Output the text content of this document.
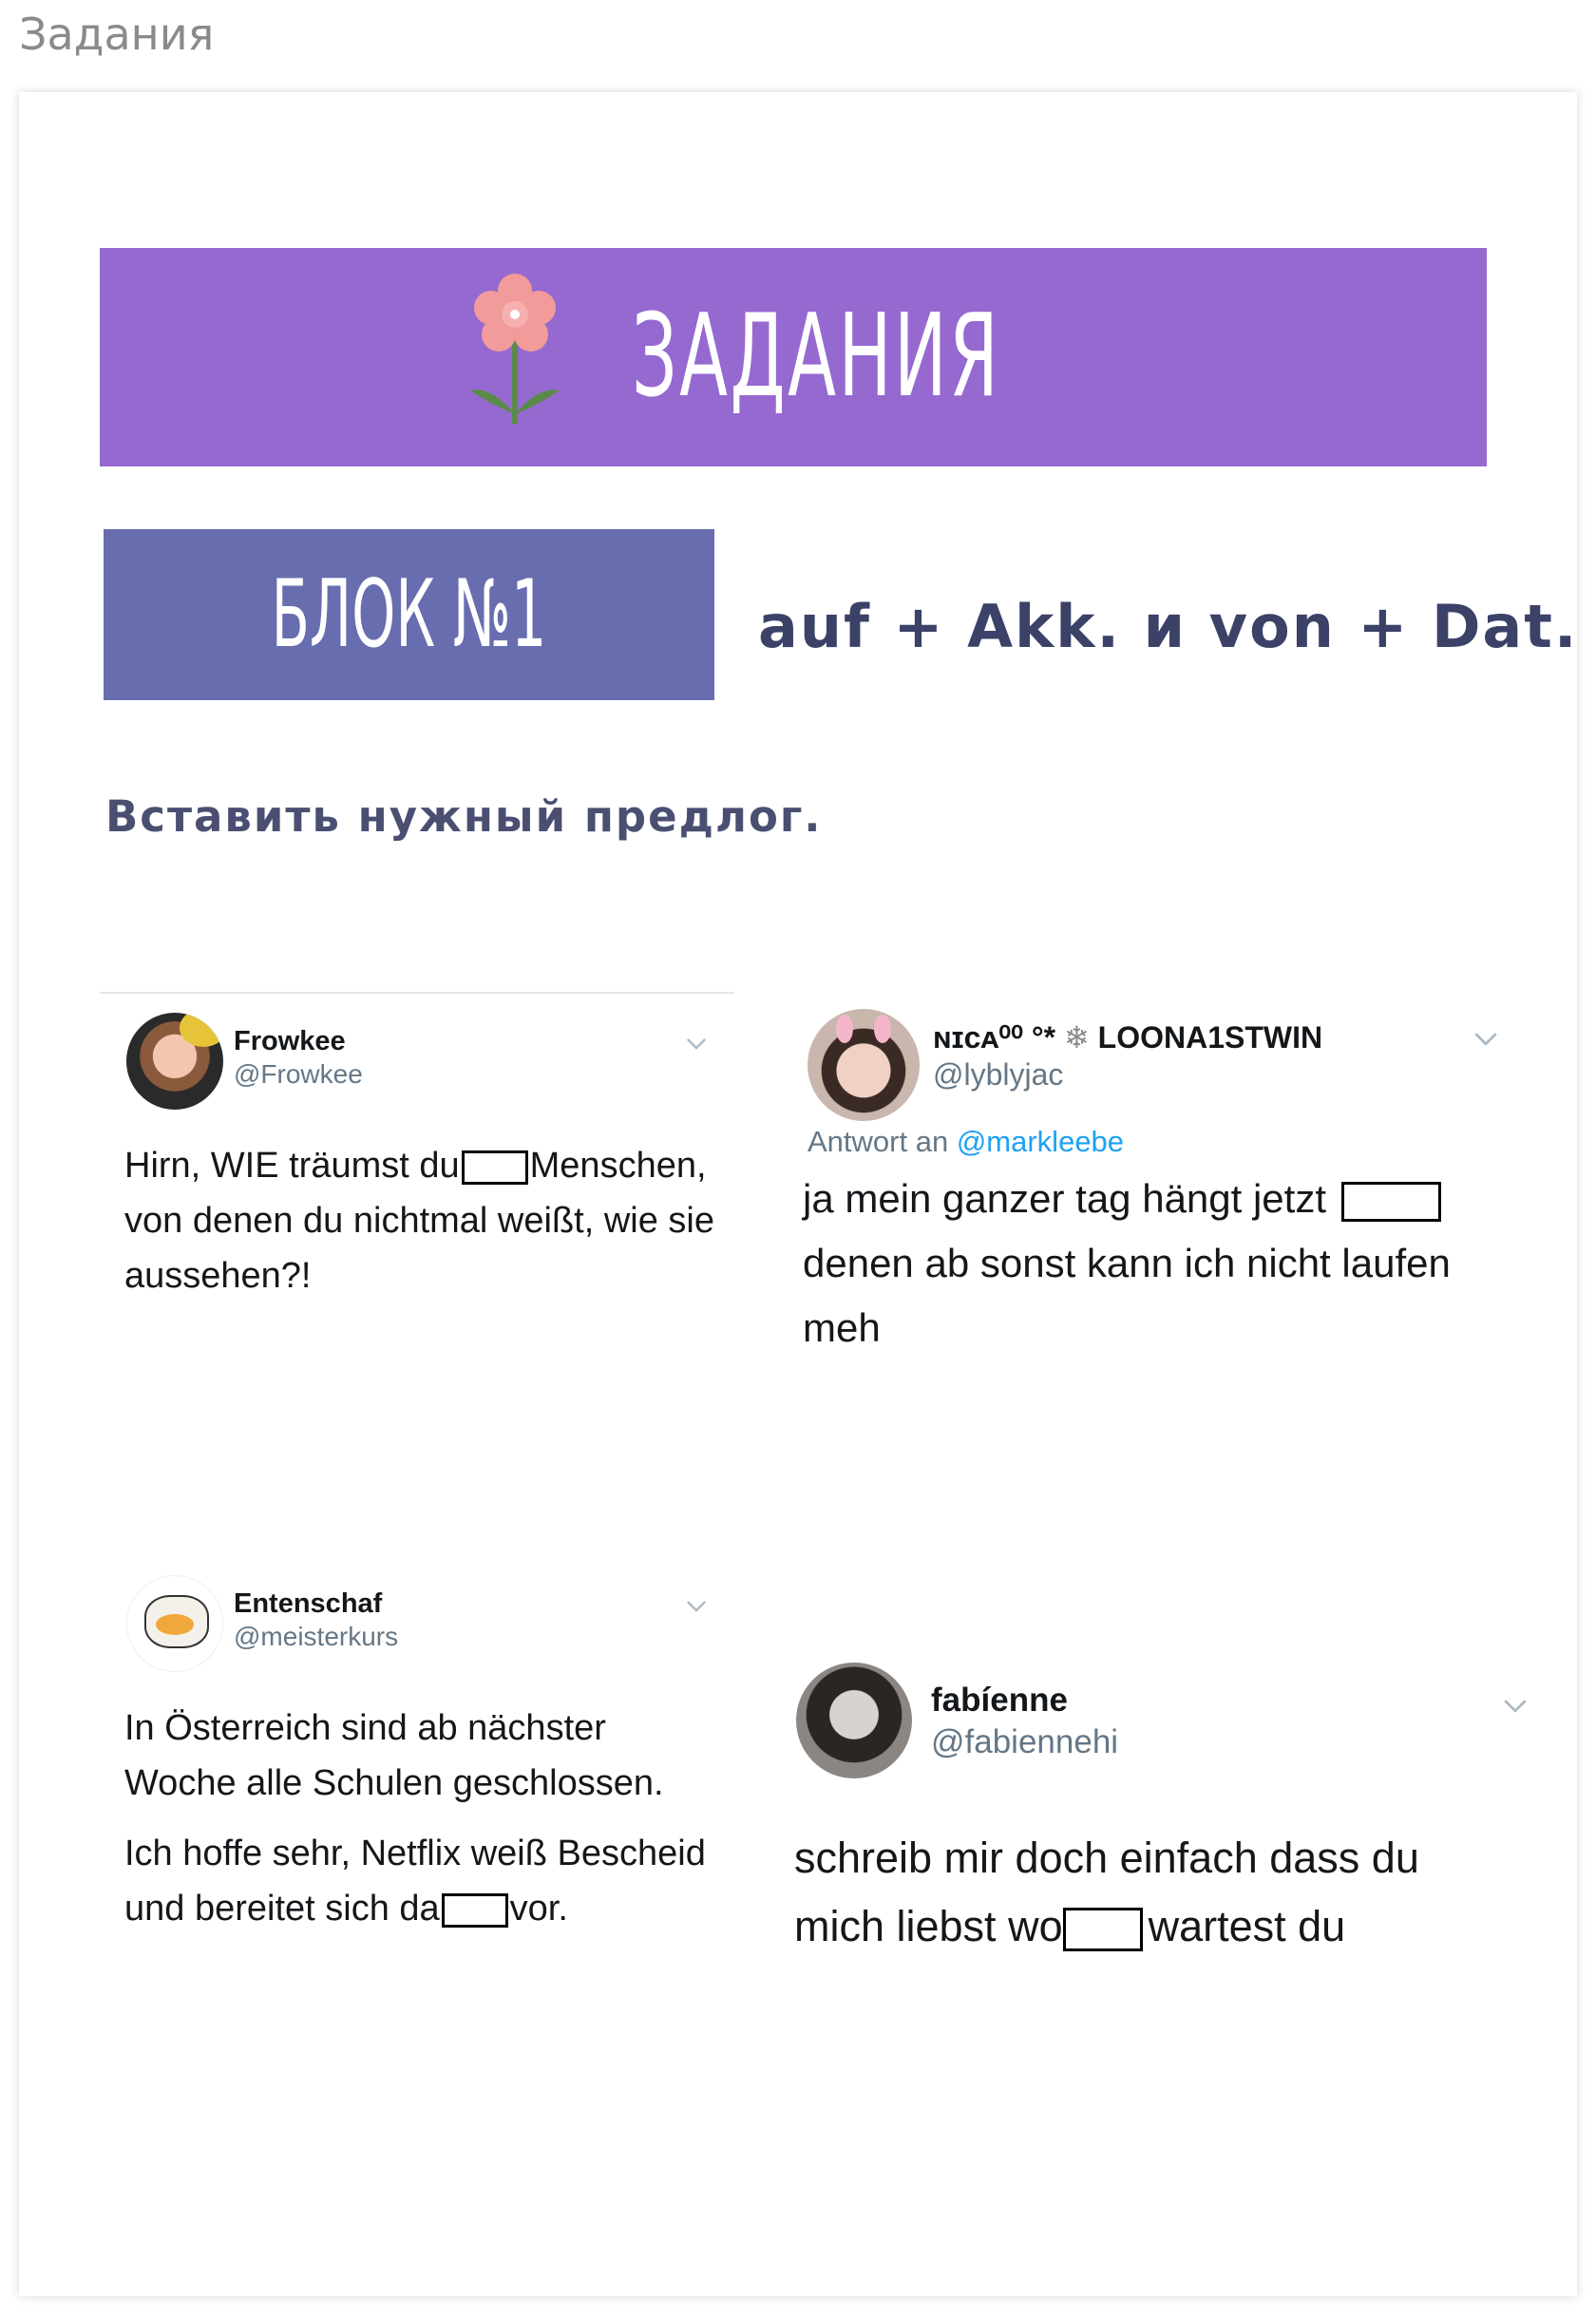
Задания
ЗАДАНИЯ
БЛОК №1	auf + Akk. и von + Dat.
Вставить нужный предлог.
Frowkee
@Frowkee
Hirn, WIE träumst du Menschen,
von denen du nichtmal weißt, wie sie
aussehen?!
ɴɪᴄᴀ⁰⁰ °* ❄ LOONA1STWIN
@lyblyjac
Antwort an @markleebe
ja mein ganzer tag hängt jetzt
denen ab sonst kann ich nicht laufen
meh
Entenschaf
@meisterkurs
In Österreich sind ab nächster
Woche alle Schulen geschlossen.
Ich hoffe sehr, Netflix weiß Bescheid
und bereitet sich da vor.
fabíenne
@fabiennehi
schreib mir doch einfach dass du
mich liebst wo wartest du
